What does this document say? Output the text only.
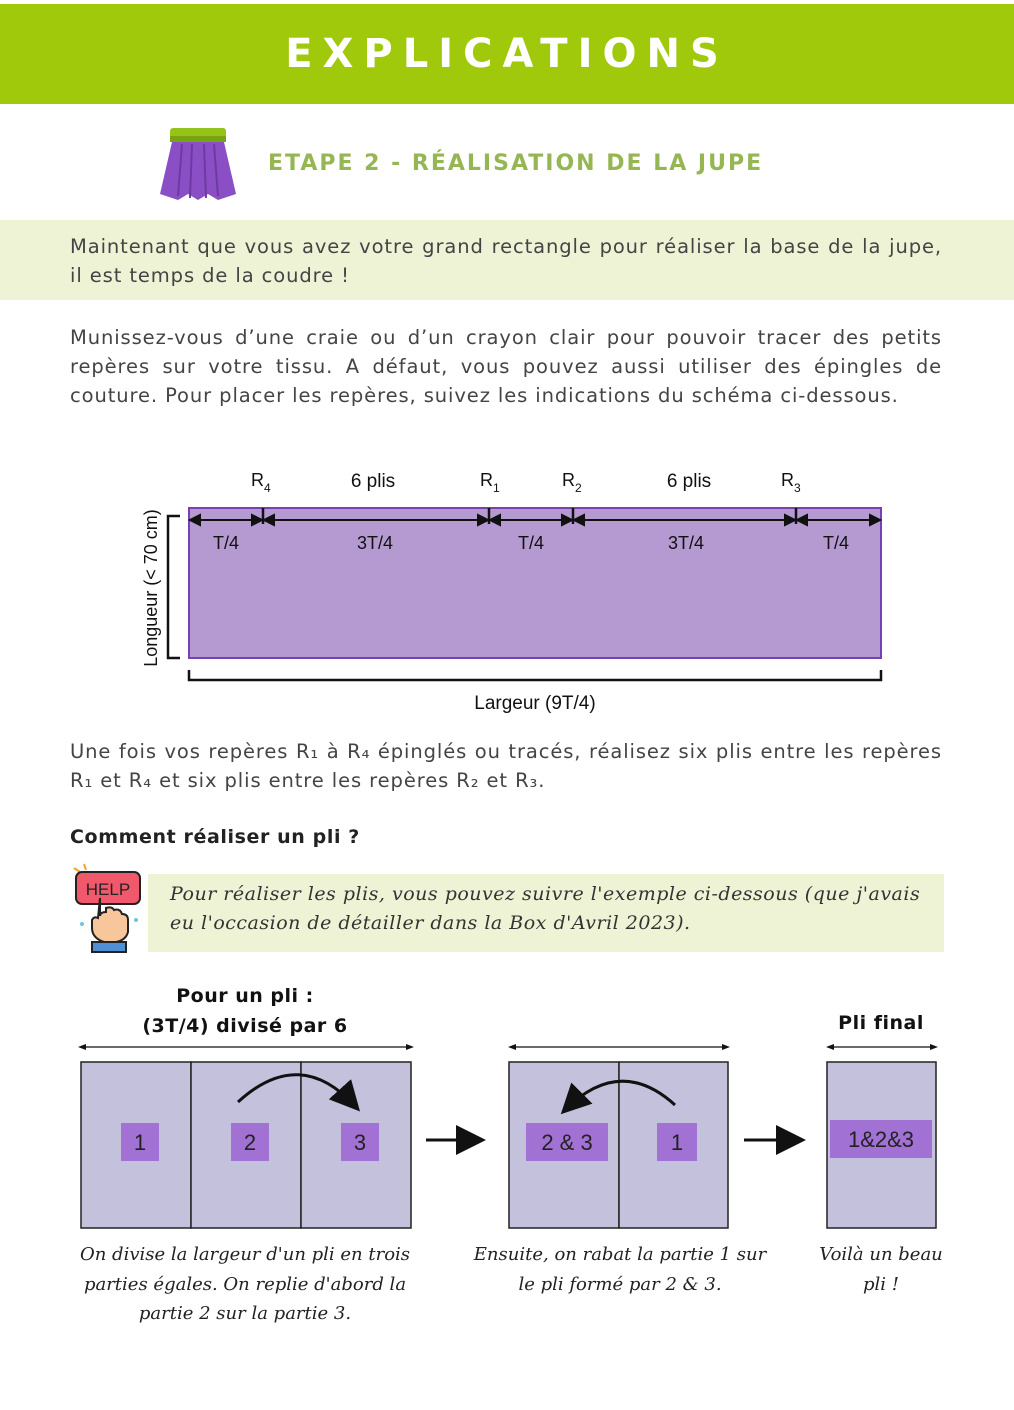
EXPLICATIONS
ETAPE 2 - RÉALISATION DE LA JUPE
Maintenant que vous avez votre grand rectangle pour réaliser la base de la jupe, il est temps de la coudre !
Munissez-vous d’une craie ou d’un crayon clair pour pouvoir tracer des petits repères sur votre tissu. A défaut, vous pouvez aussi utiliser des épingles de couture. Pour placer les repères, suivez les indications du schéma ci-dessous.
$R_4$	$R_1$	$R_2$	$R_3$
6 plis	6 plis
T/4	3T/4	T/4	3T/4	T/4
Longueur (< 70 cm)
Largeur (9T/4)
Une fois vos repères R₁ à R₄ épinglés ou tracés, réalisez six plis entre les repères R₁ et R₄ et six plis entre les repères R₂ et R₃.
Comment réaliser un pli ?
HELP Pour réaliser les plis, vous pouvez suivre l'exemple ci-dessous (que j'avais eu l'occasion de détailler dans la Box d'Avril 2023).
Pour un pli :
(3T/4) divisé par 6	Pli final
1	2	3	2 & 3	1	1&2&3
On divise la largeur d'un pli en trois parties égales. On replie d'abord la partie 2 sur la partie 3.
Ensuite, on rabat la partie 1 sur le pli formé par 2 & 3.
Voilà un beau pli !
